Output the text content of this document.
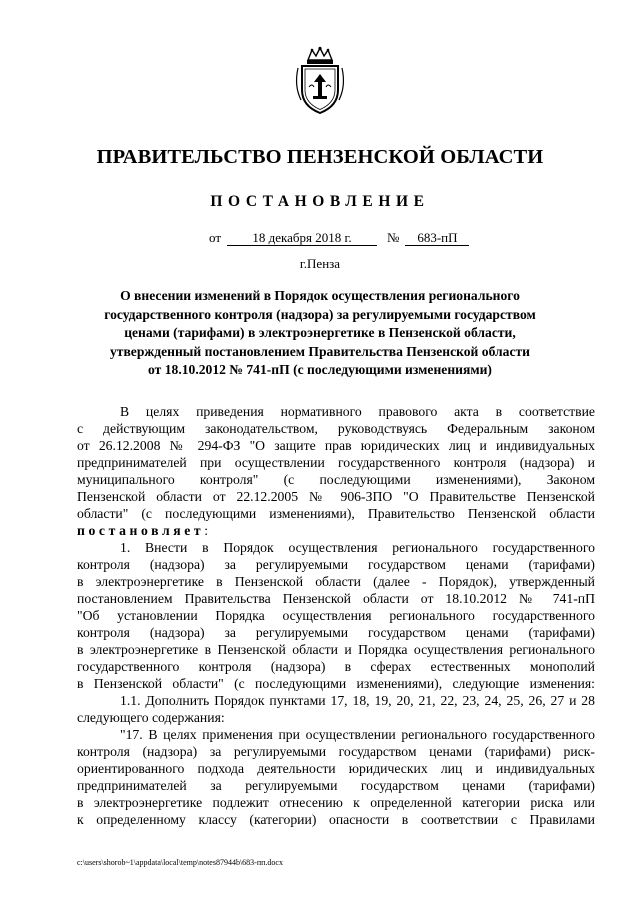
ПРАВИТЕЛЬСТВО ПЕНЗЕНСКОЙ ОБЛАСТИ
ПОСТАНОВЛЕНИЕ
от 18 декабря 2018 г.	№ 683-пП
г.Пенза
О внесении изменений в Порядок осуществления регионального
государственного контроля (надзора) за регулируемыми государством
ценами (тарифами) в электроэнергетике в Пензенской области,
утвержденный постановлением Правительства Пензенской области
от 18.10.2012 № 741-пП (с последующими изменениями)
В целях приведения нормативного правового акта в соответствие
с действующим законодательством, руководствуясь Федеральным законом
от 26.12.2008 № 294-ФЗ "О защите прав юридических лиц и индивидуальных
предпринимателей при осуществлении государственного контроля (надзора) и
муниципального контроля" (с последующими изменениями), Законом
Пензенской области от 22.12.2005 № 906-ЗПО "О Правительстве Пензенской
области" (с последующими изменениями), Правительство Пензенской области
постановляет:
1. Внести в Порядок осуществления регионального государственного
контроля (надзора) за регулируемыми государством ценами (тарифами)
в электроэнергетике в Пензенской области (далее - Порядок), утвержденный
постановлением Правительства Пензенской области от 18.10.2012 № 741-пП
"Об установлении Порядка осуществления регионального государственного
контроля (надзора) за регулируемыми государством ценами (тарифами)
в электроэнергетике в Пензенской области и Порядка осуществления регионального
государственного контроля (надзора) в сферах естественных монополий
в Пензенской области" (с последующими изменениями), следующие изменения:
1.1. Дополнить Порядок пунктами 17, 18, 19, 20, 21, 22, 23, 24, 25, 26, 27 и 28
следующего содержания:
"17. В целях применения при осуществлении регионального государственного
контроля (надзора) за регулируемыми государством ценами (тарифами) риск-
ориентированного подхода деятельности юридических лиц и индивидуальных
предпринимателей за регулируемыми государством ценами (тарифами)
в электроэнергетике подлежит отнесению к определенной категории риска или
к определенному классу (категории) опасности в соответствии с Правилами
c:\users\shorob~1\appdata\local\temp\notes87944b\683-пп.docx
